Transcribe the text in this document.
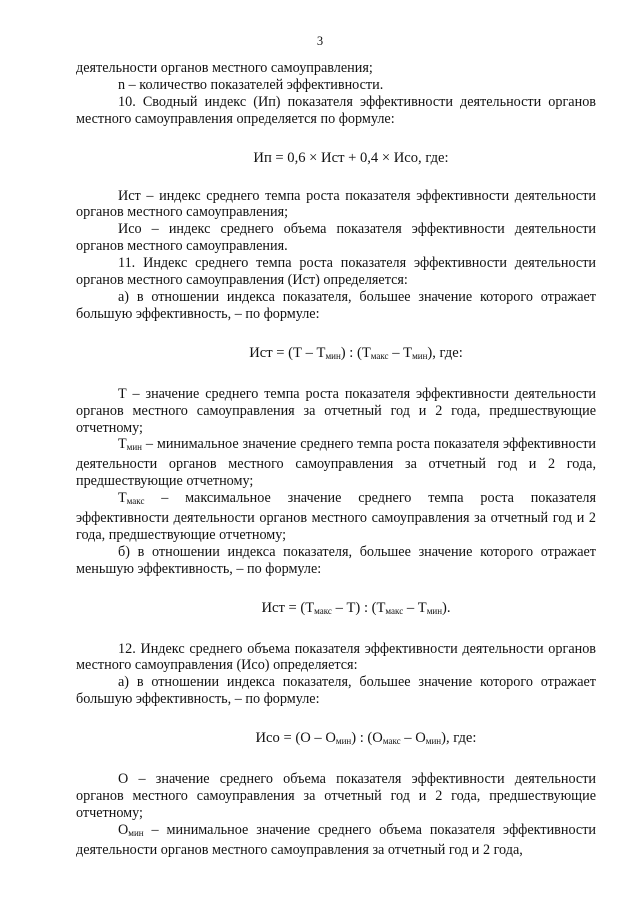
3

деятельности органов местного самоуправления;

n – количество показателей эффективности.

10. Сводный индекс (Ип) показателя эффективности деятельности органов местного самоуправления определяется по формуле:

Ип = 0,6 × Ист + 0,4 × Исо, где:

Ист – индекс среднего темпа роста показателя эффективности деятельности органов местного самоуправления;

Исо – индекс среднего объема показателя эффективности деятельности органов местного самоуправления.

11. Индекс среднего темпа роста показателя эффективности деятельности органов местного самоуправления (Ист) определяется:

а) в отношении индекса показателя, большее значение которого отражает большую эффективность, – по формуле:

Ист = $(Т - Т_{мин})$ : $(Т_{макс} - Т_{мин})$, где:

Т – значение среднего темпа роста показателя эффективности деятельности органов местного самоуправления за отчетный год и 2 года, предшествующие отчетному;

$Т_{мин}$ – минимальное значение среднего темпа роста показателя эффективности деятельности органов местного самоуправления за отчетный год и 2 года, предшествующие отчетному;

$Т_{макс}$ – максимальное значение среднего темпа роста показателя эффективности деятельности органов местного самоуправления за отчетный год и 2 года, предшествующие отчетному;

б) в отношении индекса показателя, большее значение которого отражает меньшую эффективность, – по формуле:

Ист = $(Т_{макс} - Т)$ : $(Т_{макс} - Т_{мин})$.

12. Индекс среднего объема показателя эффективности деятельности органов местного самоуправления (Исо) определяется:

а) в отношении индекса показателя, большее значение которого отражает большую эффективность, – по формуле:

Исо = $(О - О_{мин})$ : $(О_{макс} - О_{мин})$, где:

О – значение среднего объема показателя эффективности деятельности органов местного самоуправления за отчетный год и 2 года, предшествующие отчетному;

$О_{мин}$ – минимальное значение среднего объема показателя эффективности деятельности органов местного самоуправления за отчетный год и 2 года,
